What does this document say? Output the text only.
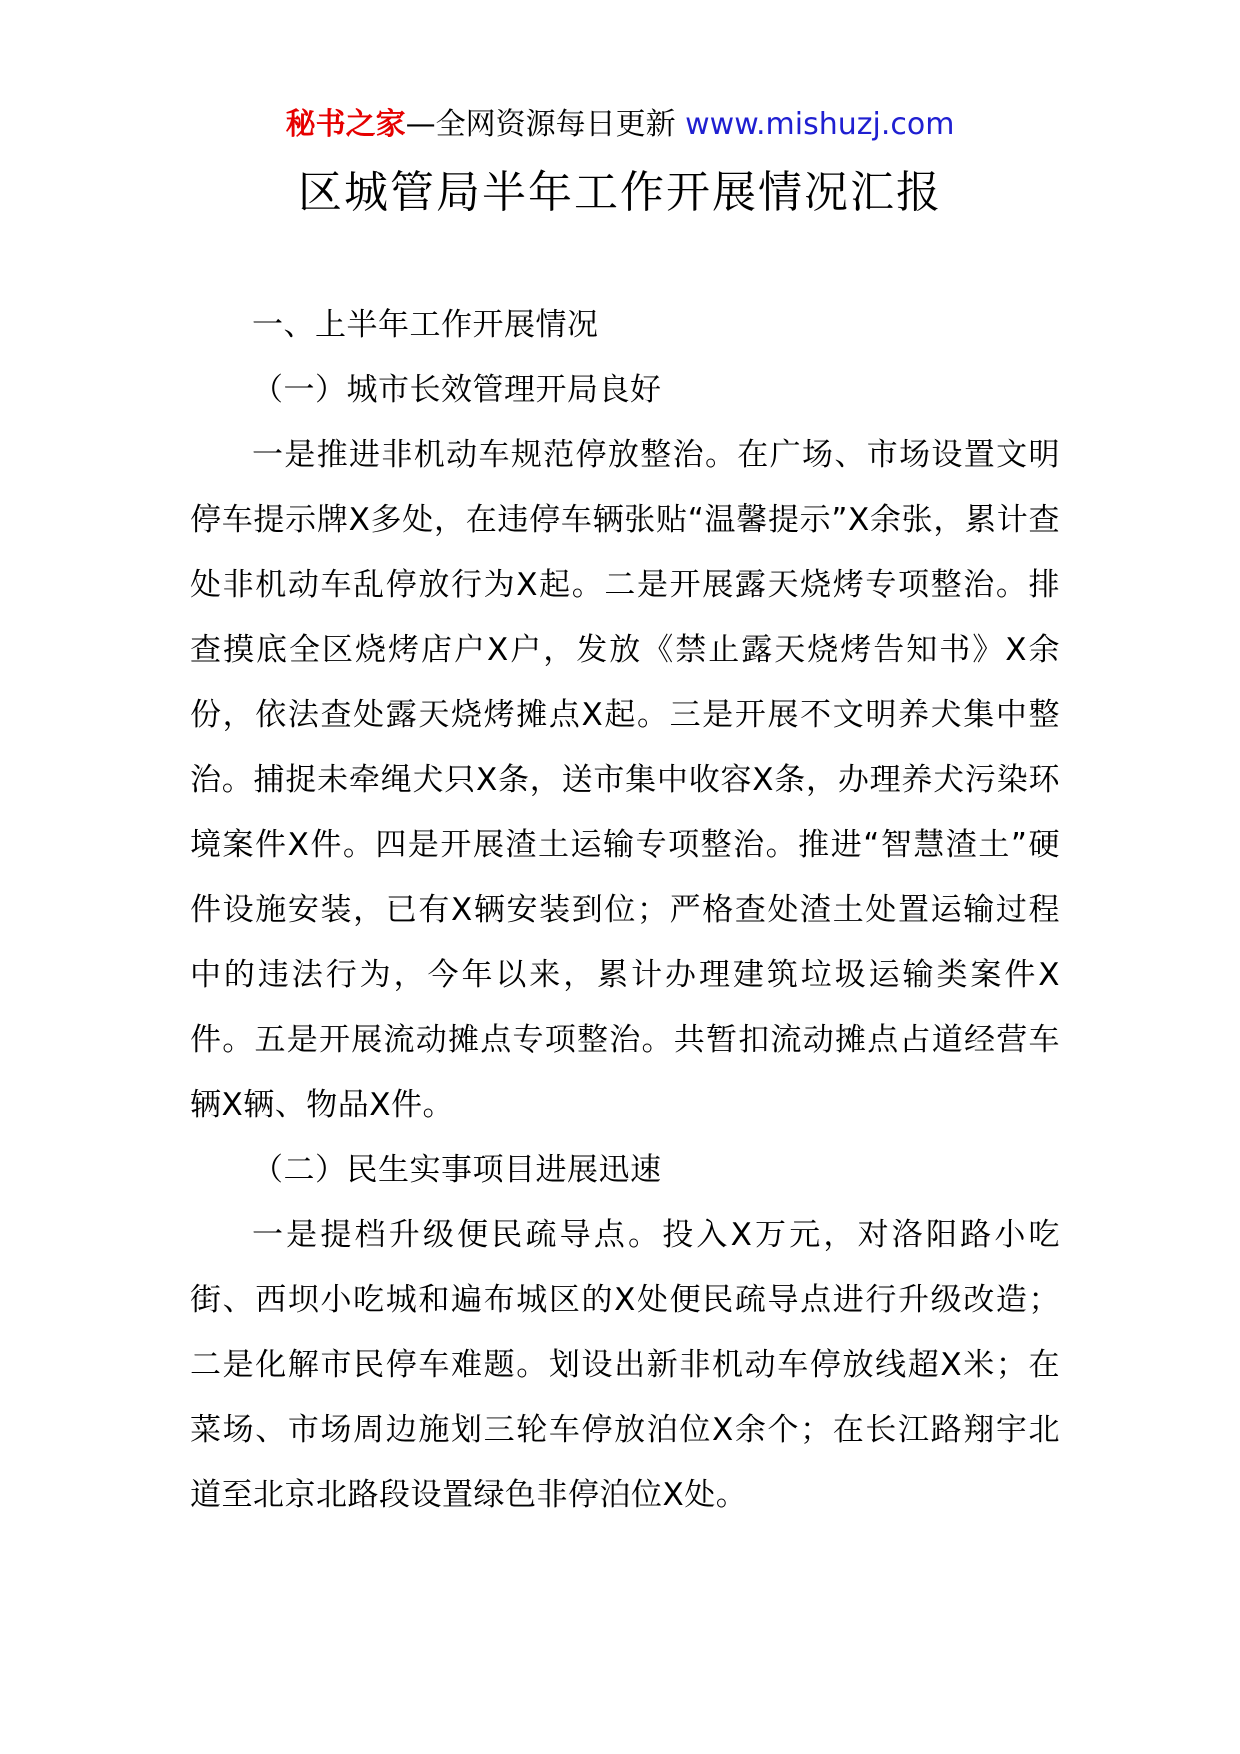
秘书之家—全网资源每日更新 www.mishuzj.com
区城管局半年工作开展情况汇报

一、上半年工作开展情况

（一）城市长效管理开局良好

一是推进非机动车规范停放整治。在广场、市场设置文明停车提示牌X多处，在违停车辆张贴“温馨提示”X余张，累计查处非机动车乱停放行为X起。二是开展露天烧烤专项整治。排查摸底全区烧烤店户X户，发放《禁止露天烧烤告知书》X余份，依法查处露天烧烤摊点X起。三是开展不文明养犬集中整治。捕捉未牵绳犬只X条，送市集中收容X条，办理养犬污染环境案件X件。四是开展渣土运输专项整治。推进“智慧渣土”硬件设施安装，已有X辆安装到位；严格查处渣土处置运输过程中的违法行为，今年以来，累计办理建筑垃圾运输类案件X件。五是开展流动摊点专项整治。共暂扣流动摊点占道经营车辆X辆、物品X件。

（二）民生实事项目进展迅速

一是提档升级便民疏导点。投入X万元，对洛阳路小吃街、西坝小吃城和遍布城区的X处便民疏导点进行升级改造；二是化解市民停车难题。划设出新非机动车停放线超X米；在菜场、市场周边施划三轮车停放泊位X余个；在长江路翔宇北道至北京北路段设置绿色非停泊位X处。
